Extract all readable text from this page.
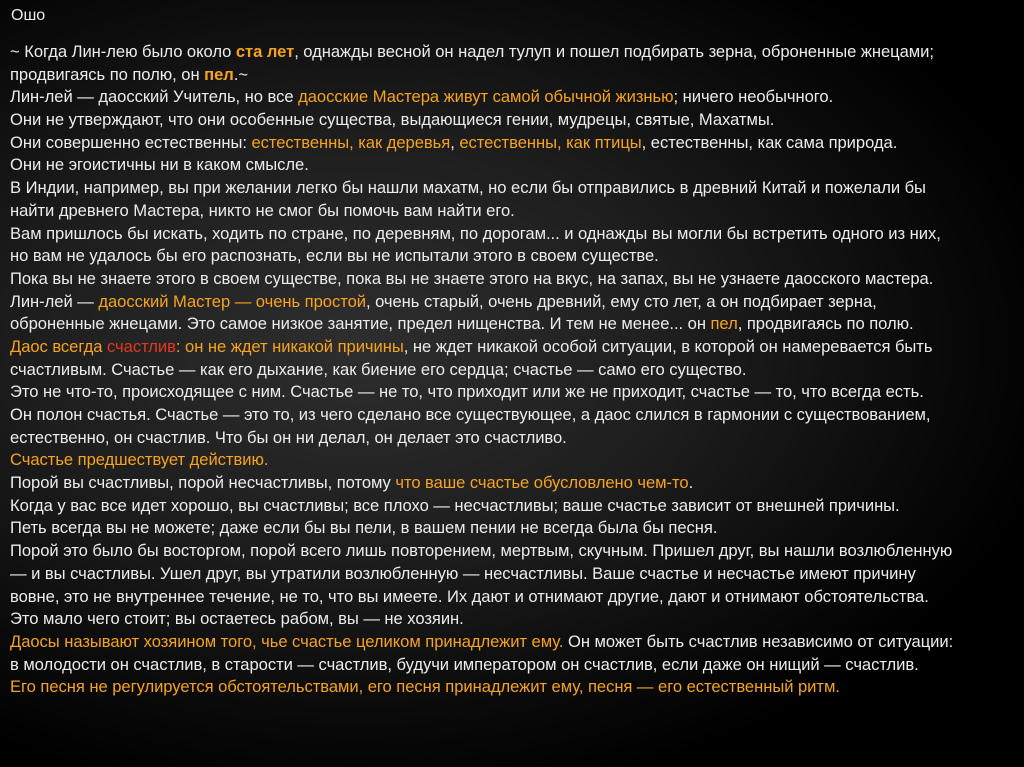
Ошо
~ Когда Лин-лею было около ста лет, однажды весной он надел тулуп и пошел подбирать зерна, оброненные жнецами;
продвигаясь по полю, он пел.~
Лин-лей — даосский Учитель, но все даосские Мастера живут самой обычной жизнью; ничего необычного.
Они не утверждают, что они особенные существа, выдающиеся гении, мудрецы, святые, Махатмы.
Они совершенно естественны: естественны, как деревья, естественны, как птицы, естественны, как сама природа.
Они не эгоистичны ни в каком смысле.
В Индии, например, вы при желании легко бы нашли махатм, но если бы отправились в древний Китай и пожелали бы
найти древнего Мастера, никто не смог бы помочь вам найти его.
Вам пришлось бы искать, ходить по стране, по деревням, по дорогам... и однажды вы могли бы встретить одного из них,
но вам не удалось бы его распознать, если вы не испытали этого в своем существе.
Пока вы не знаете этого в своем существе, пока вы не знаете этого на вкус, на запах, вы не узнаете даосского мастера.
Лин-лей — даосский Мастер — очень простой, очень старый, очень древний, ему сто лет, а он подбирает зерна,
оброненные жнецами. Это самое низкое занятие, предел нищенства. И тем не менее... он пел, продвигаясь по полю.
Даос всегда счастлив: он не ждет никакой причины, не ждет никакой особой ситуации, в которой он намеревается быть
счастливым. Счастье — как его дыхание, как биение его сердца; счастье — само его существо.
Это не что-то, происходящее с ним. Счастье — не то, что приходит или же не приходит, счастье — то, что всегда есть.
Он полон счастья. Счастье — это то, из чего сделано все существующее, а даос слился в гармонии с существованием,
естественно, он счастлив. Что бы он ни делал, он делает это счастливо.
Счастье предшествует действию.
Порой вы счастливы, порой несчастливы, потому что ваше счастье обусловлено чем-то.
Когда у вас все идет хорошо, вы счастливы; все плохо — несчастливы; ваше счастье зависит от внешней причины.
Петь всегда вы не можете; даже если бы вы пели, в вашем пении не всегда была бы песня.
Порой это было бы восторгом, порой всего лишь повторением, мертвым, скучным. Пришел друг, вы нашли возлюбленную
— и вы счастливы. Ушел друг, вы утратили возлюбленную — несчастливы. Ваше счастье и несчастье имеют причину
вовне, это не внутреннее течение, не то, что вы имеете. Их дают и отнимают другие, дают и отнимают обстоятельства.
Это мало чего стоит; вы остаетесь рабом, вы — не хозяин.
Даосы называют хозяином того, чье счастье целиком принадлежит ему. Он может быть счастлив независимо от ситуации:
в молодости он счастлив, в старости — счастлив, будучи императором он счастлив, если даже он нищий — счастлив.
Его песня не регулируется обстоятельствами, его песня принадлежит ему, песня — его естественный ритм.
